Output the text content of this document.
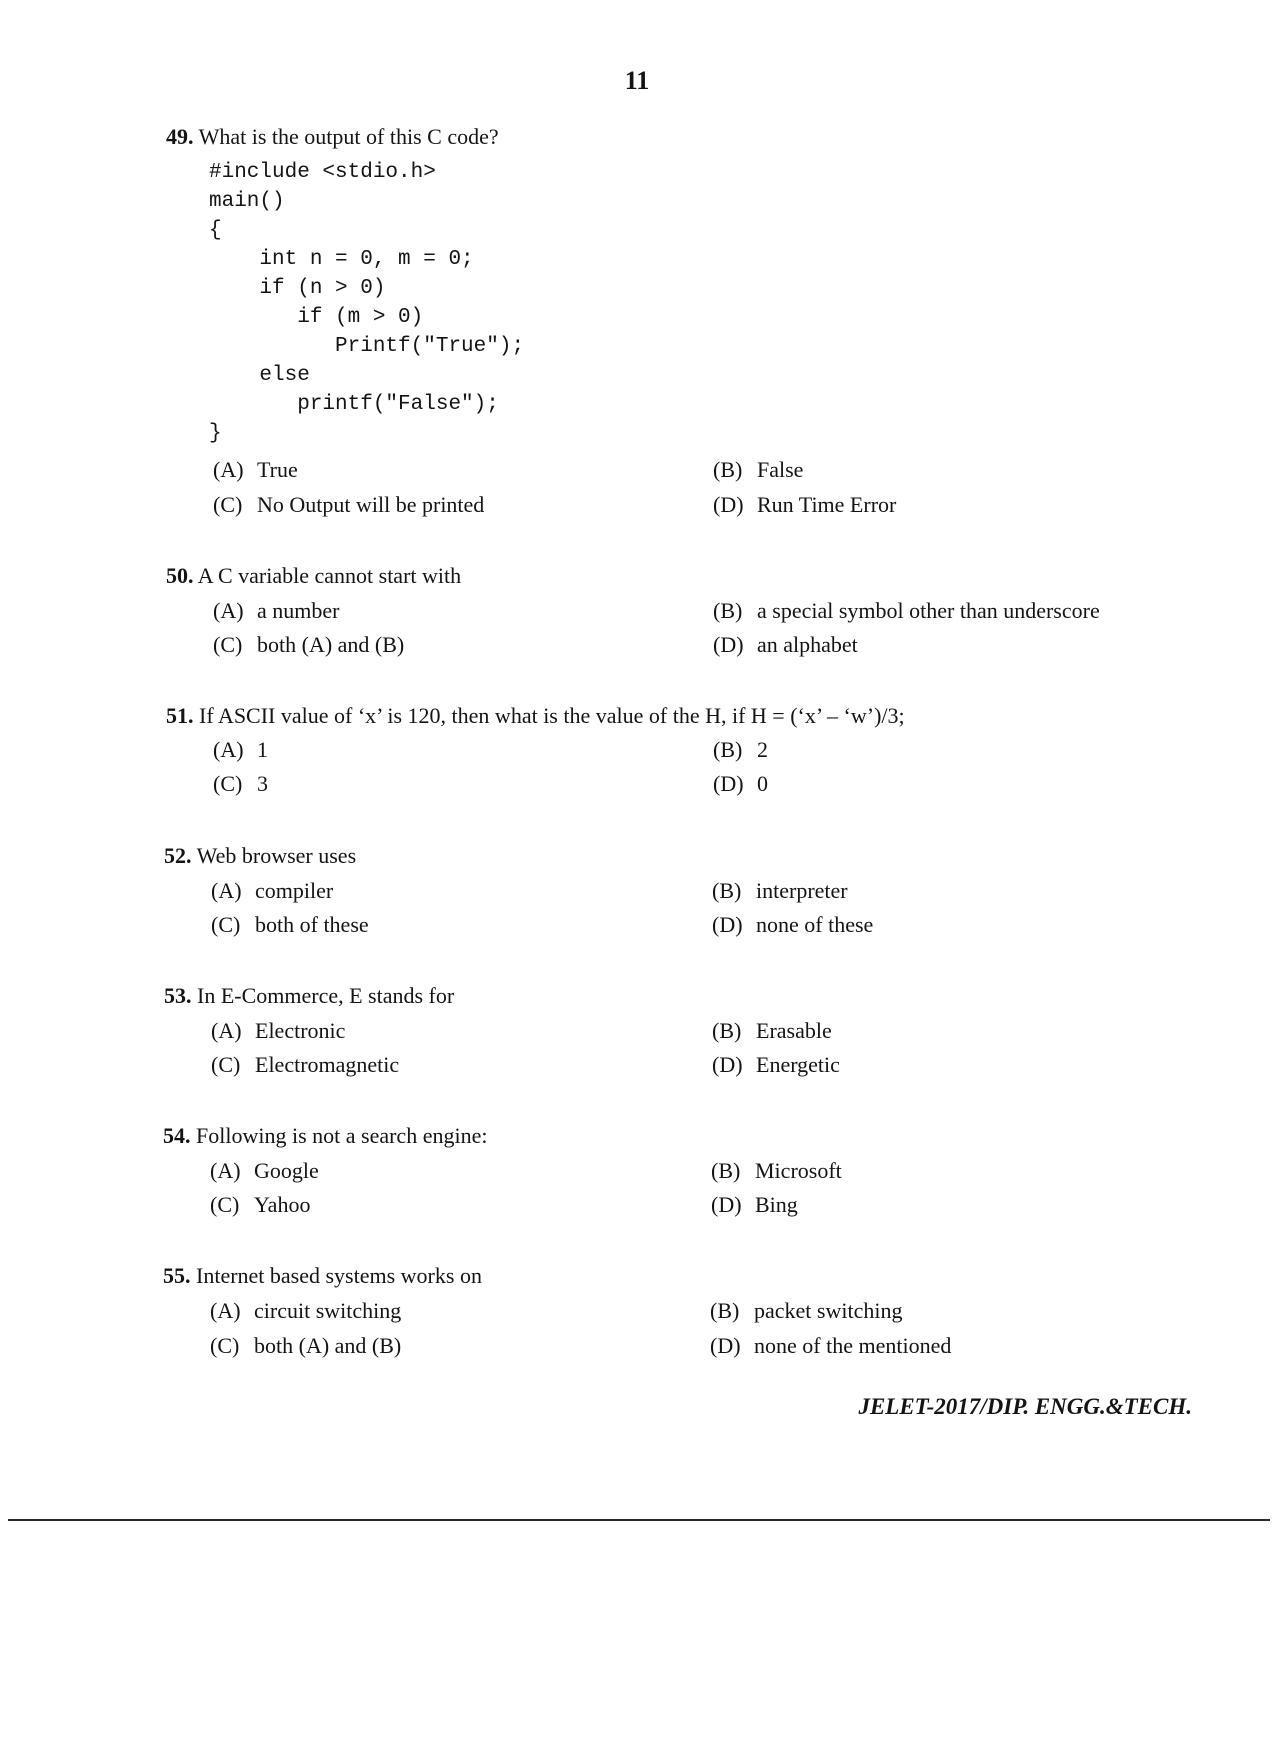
11
49. What is the output of this C code?
#include <stdio.h>
main()
{
int n = 0, m = 0;
if (n > 0)
if (m > 0)
Printf("True");
else
printf("False");
}
(A) True	(B) False
(C) No Output will be printed	(D) Run Time Error
50. A C variable cannot start with
(A) a number	(B) a special symbol other than underscore
(C) both (A) and (B)	(D) an alphabet
51. If ASCII value of ‘x’ is 120, then what is the value of the H, if H = (‘x’ – ‘w’)/3;
(A) 1	(B) 2
(C) 3	(D) 0
52. Web browser uses
(A) compiler	(B) interpreter
(C) both of these	(D) none of these
53. In E-Commerce, E stands for
(A) Electronic	(B) Erasable
(C) Electromagnetic	(D) Energetic
54. Following is not a search engine:
(A) Google	(B) Microsoft
(C) Yahoo	(D) Bing
55. Internet based systems works on
(A) circuit switching	(B) packet switching
(C) both (A) and (B)	(D) none of the mentioned
JELET-2017/DIP. ENGG.&TECH.
